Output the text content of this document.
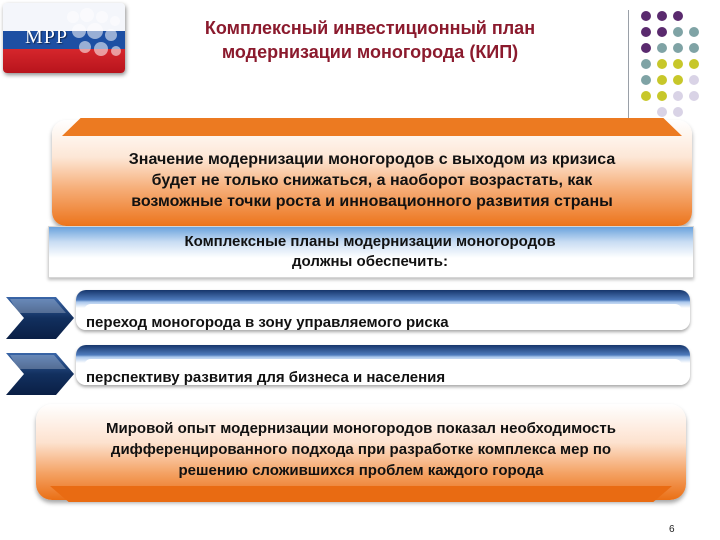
МРР	Комплексный инвестиционный план
модернизации моногорода (КИП)
Значение модернизации моногородов с выходом из кризиса
будет не только снижаться, а наоборот возрастать, как
возможные точки роста и инновационного развития страны
Комплексные планы модернизации моногородов
должны обеспечить:
переход моногорода в зону управляемого риска
перспективу развития для бизнеса и населения
Мировой опыт модернизации моногородов показал необходимость
дифференцированного подхода при разработке комплекса мер по
решению сложившихся проблем каждого города
6
